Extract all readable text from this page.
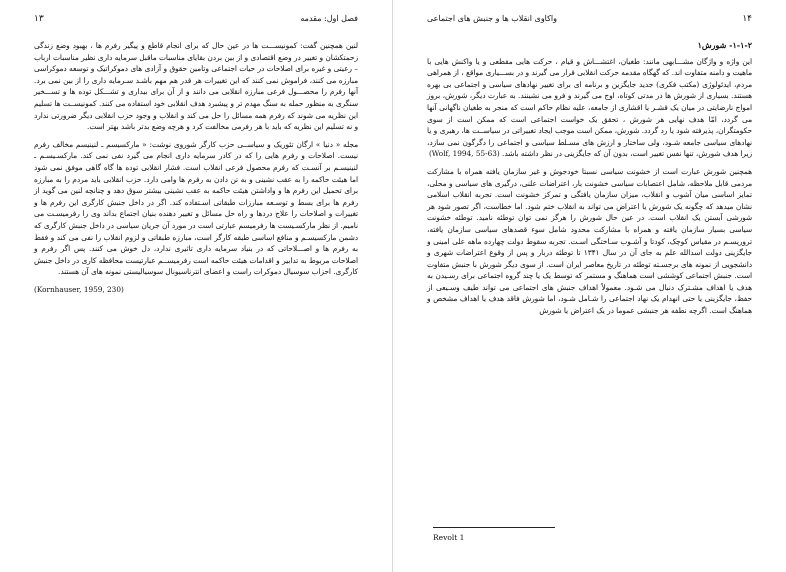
۱۳	فصل اول: مقدمه

لنین همچنین گفت: کمونیســـت ها در عین حال که برای انجام قاطع و پیگیر رفرم ها ، بهبود وضع زندگی زحمتکشان و تغییر در وضع اقتصادی و از بین بردن بقایای مناسبات ماقبل سرمایه داری نظیر مناسبات ارباب – رعیتی و غیره برای اصلاحات در حیات اجتماعی وتامین حقوق و آزادی های دموکراتیک و توسعه دموکراسی مبارزه می کنند، فراموش نمی کنند که این تغییرات هر قدر هم مهم باشـد سـرمایه داری را از بین نمی برد. آنها رفرم را محصـــول فرعی مبارزه انقلابی می دانند و از آن برای بیداری و تشـــکل توده ها و تســـخیر سنگری به منظور حمله به سنگ مهدم تر و پیشبرد هدف انقلابی خود استفاده می کنند. کمونیســت ها تسلیم این نظریه می شوند که رفرم همه مسائل را حل می کند و انقلاب و وجود حزب انقلابی دیگر ضرورتی ندارد و نه تسلیم این نظریه که باید با هر رفرمی مخالفت کرد و هرچه وضع بدتر باشد بهتر است.

مجله « دنیا » ارگان تئوریک و سیاســی حزب کارگر شوروی نوشت: « مارکسیسم ـ لنینیسم مخالف رفرم نیست. اصلاحات و رفرم هایی را که در کادر سرمایه داری انجام می گیرد نفی نمی کند. مارکسـیسـم ـ لنینیسـم بر آنسـت که رفرم محصول فرعی انقلاب است. فشار انقلابی توده ها گاه گاهی موفق نمی شود اما هیئت حاکمه را به عقب نشینی و به تن دادن به رفرم ها وامی دارد. حزب انقلابی باید مردم را به مبارزه برای تحمیل این رفرم ها و واداشتن هیئت حاکمه به عقب نشینی بیشتر سوق دهد و چنانچه لنین می گوید از رفرم ها برای بسط و توسـعه مبارزات طبقاتی اسـتفاده کند. اگر در داخل جنبش کارگری این رفرم ها و تغییرات و اصلاحات را علاج دردها و راه حل مسائل و تغییر دهنده بنیان اجتماع بداند وی را رفرمیسـت می نامیم. از نظر مارکسـیست ها رفرمیسم عبارتی است در مورد آن جریان سیاسی در داخل جنبش کارگری که دشمن مارکسیسـم و منافع اساسی طبقه کارگر است، مبارزه طبقاتی و لزوم انقلاب را نفی می کند و فقط به رفرم ها و اصـــلاحاتی که در بنیاد سرمایه داری تاثیری ندارد، دل خوش می کنند. پس اگر رفرم و اصلاحات مربوط به تدابیر و اقدامات هیئت حاکمه است رفرمیســم عبارتیست محافظه کاری در داخل جنبش کارگری. احزاب سوسیال دموکرات راست و اعضای انترناسیونال سوسیالیستی نمونه های آن هستند.

(Kornhauser, 1959, 230)
۱۴
واکاوی انقلاب ها و جنبش های اجتماعی
۱-۱-۲- شورش۱

این واژه و واژگان مشـــابهی مانند: طغیان، اغتشـــاش و قیام ، حرکت هایی مقطعی و یا واکنش هایی با ماهیت و دامنه متفاوت اند. که گهگاه مقدمه حرکت انقلابی قرار می گیرند و در بســـیاری مواقع ، از همراهی مردم، ایدئولوژی (مکتب فکری) جدید جایگزین و برنامه ای برای تغییر نهادهای سیاسی و اجتماعی بی بهره هستند. بسیاری از شورش ها در مدتی کوتاه، اوج می گیرند و فرو می نشینند. به عبارت دیگر، شورش، بروز امواج نارضایتی در میان یک قشـر یا اقشاری از جامعه، علیه نظام حاکم است که منجر به طغیان ناگهانی آنها می گردد، امّا هدف نهایی هر شورش ، تحقق یک خواست اجتماعی است که ممکن است از سوی حکومتگران، پذیرفته شود یا رد گردد. شورش، ممکن است موجب ایجاد تغییراتی در سیاســت ها، رهبری و یا نهادهای سیاسی جامعه شـود، ولی ساختار و ارزش های مسـلط سیاسی و اجتماعی را دگرگون نمی سازد، زیرا هدف شورش، تنها نفس تغییر است، بدون آن که جایگزینی در نظر داشته باشد. (Wolf, 1994, 55-63)

همچنین شورش عبارت است از خشونت سیاسی نسبتا خودجوش و غیر سازمان یافته همراه با مشارکت مردمی قابل ملاحظه، شامل اعتصابات سیاسی خشونت بار، اعتراضات علنی، درگیری های سیاسی و محلی، تمایز اساسی میان آشوب و انقلاب، میزان سازمان یافتگی و تمرکز خشونت است. تجربه انقلاب اسلامی نشان میدهد که چگونه یک شورش یا اعتراض می تواند به انقلاب ختم شود. اما خطاست، اگر تصور شود هر شورشی آبستن یک انقلاب است. در عین حال شورش را هرگز نمی توان توطئه نامید. توطئه خشونت سیاسی بسیار سازمان یافته و همراه با مشارکت محدود شامل سوء قصدهای سیاسی سازمان یافته، تروریسـم در مقیاس کوچک، کودتا و آشـوب سـاختگی اسـت. تجربه سقوط دولت چهارده ماهه علی امینی و جایگزینی دولت اسدالله علم به جای آن در سال ۱۳۴۱ تا توطئه دربار و پس از وقوع اعتراضات شهری و دانشجویی از نمونه های برجسـته توطئه در تاریخ معاصر ایران است. از سوی دیگر شورش با جنبش متفاوت است. جنبش اجتماعی کوششی است هماهنگ و مستمر که توسط یک یا چند گروه اجتماعی برای رسـیدن به هدف یا اهداف مشـترک دنبال می شـود. معمولاً اهداف جنبش های اجتماعی می تواند طیف وسـیعی از حفظ، جایگزینی یا حتی انهدام یک نهاد اجتماعی را شـامل شـود، اما شورش فاقد هدف یا اهداف مشخص و هماهنگ است. اگرچه نطفه هر جنبشی عموما در یک اعتراض یا شورش

Revolt 1
